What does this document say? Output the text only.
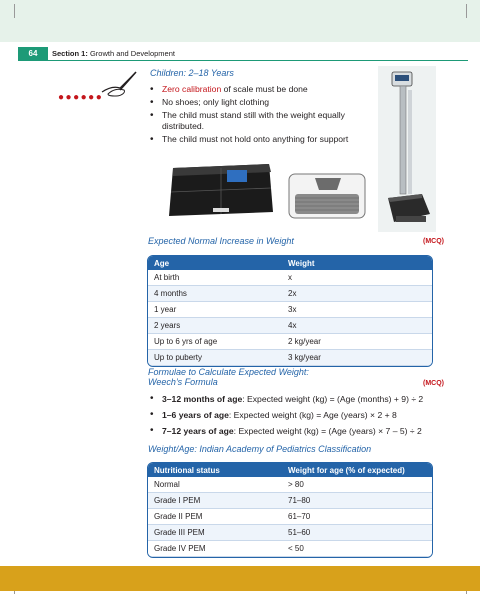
64	Section 1: Growth and Development
●●●●●●
Children: 2–18 Years
• Zero calibration of scale must be done
• No shoes; only light clothing
• The child must stand still with the weight equally distributed.
• The child must not hold onto anything for support
Expected Normal Increase in Weight	(MCQ)
Age	Weight
At birth	x
4 months	2x
1 year	3x
2 years	4x
Up to 6 yrs of age	2 kg/year
Up to puberty	3 kg/year
Formulae to Calculate Expected Weight:
Weech’s Formula	(MCQ)
• 3–12 months of age: Expected weight (kg) = (Age (months) + 9) ÷ 2
• 1–6 years of age: Expected weight (kg) = Age (years) × 2 + 8
• 7–12 years of age: Expected weight (kg) = (Age (years) × 7 – 5) ÷ 2
Weight/Age: Indian Academy of Pediatrics Classification
Nutritional status	Weight for age (% of expected)
Normal	> 80
Grade I PEM	71–80
Grade II PEM	61–70
Grade III PEM	51–60
Grade IV PEM	< 50
